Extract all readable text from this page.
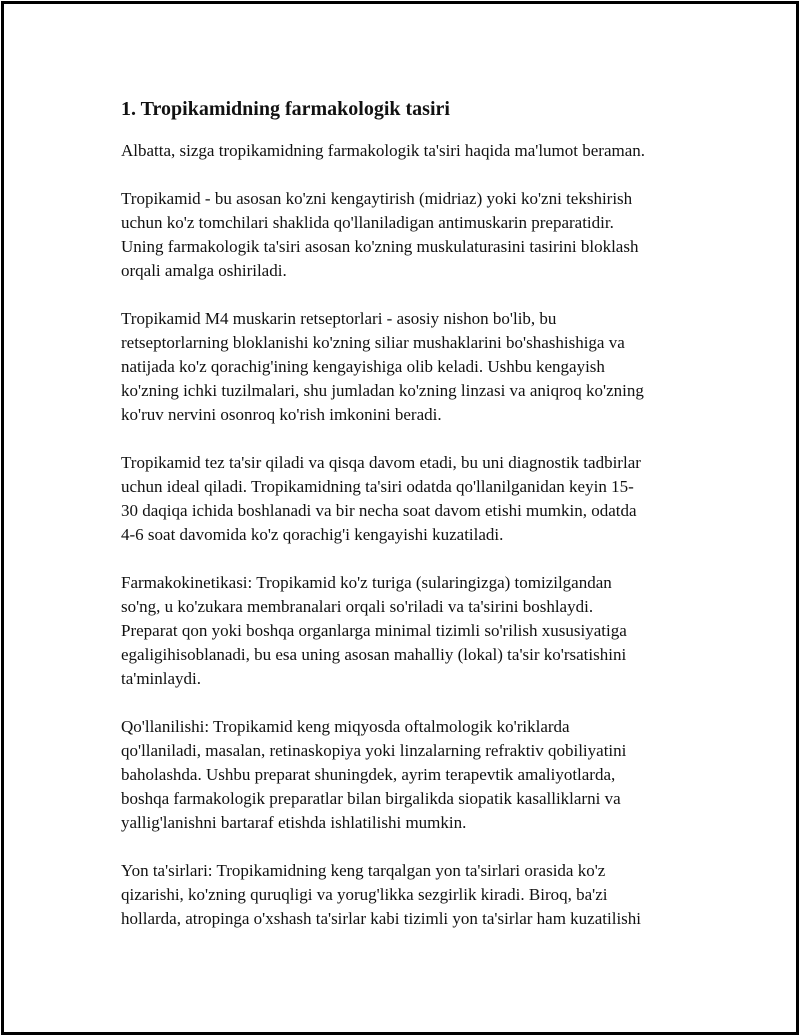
1. Tropikamidning farmakologik tasiri

Albatta, sizga tropikamidning farmakologik ta'siri haqida ma'lumot beraman.

Tropikamid - bu asosan ko'zni kengaytirish (midriaz) yoki ko'zni tekshirish
uchun ko'z tomchilari shaklida qo'llaniladigan antimuskarin preparatidir.
Uning farmakologik ta'siri asosan ko'zning muskulaturasini tasirini bloklash
orqali amalga oshiriladi.

Tropikamid M4 muskarin retseptorlari - asosiy nishon bo'lib, bu
retseptorlarning bloklanishi ko'zning siliar mushaklarini bo'shashishiga va
natijada ko'z qorachig'ining kengayishiga olib keladi. Ushbu kengayish
ko'zning ichki tuzilmalari, shu jumladan ko'zning linzasi va aniqroq ko'zning
ko'ruv nervini osonroq ko'rish imkonini beradi.

Tropikamid tez ta'sir qiladi va qisqa davom etadi, bu uni diagnostik tadbirlar
uchun ideal qiladi. Tropikamidning ta'siri odatda qo'llanilganidan keyin 15-
30 daqiqa ichida boshlanadi va bir necha soat davom etishi mumkin, odatda
4-6 soat davomida ko'z qorachig'i kengayishi kuzatiladi.

Farmakokinetikasi: Tropikamid ko'z turiga (sularingizga) tomizilgandan
so'ng, u ko'zukara membranalari orqali so'riladi va ta'sirini boshlaydi.
Preparat qon yoki boshqa organlarga minimal tizimli so'rilish xususiyatiga
egaligihisoblanadi, bu esa uning asosan mahalliy (lokal) ta'sir ko'rsatishini
ta'minlaydi.

Qo'llanilishi: Tropikamid keng miqyosda oftalmologik ko'riklarda
qo'llaniladi, masalan, retinaskopiya yoki linzalarning refraktiv qobiliyatini
baholashda. Ushbu preparat shuningdek, ayrim terapevtik amaliyotlarda,
boshqa farmakologik preparatlar bilan birgalikda siopatik kasalliklarni va
yallig'lanishni bartaraf etishda ishlatilishi mumkin.

Yon ta'sirlari: Tropikamidning keng tarqalgan yon ta'sirlari orasida ko'z
qizarishi, ko'zning quruqligi va yorug'likka sezgirlik kiradi. Biroq, ba'zi
hollarda, atropinga o'xshash ta'sirlar kabi tizimli yon ta'sirlar ham kuzatilishi
